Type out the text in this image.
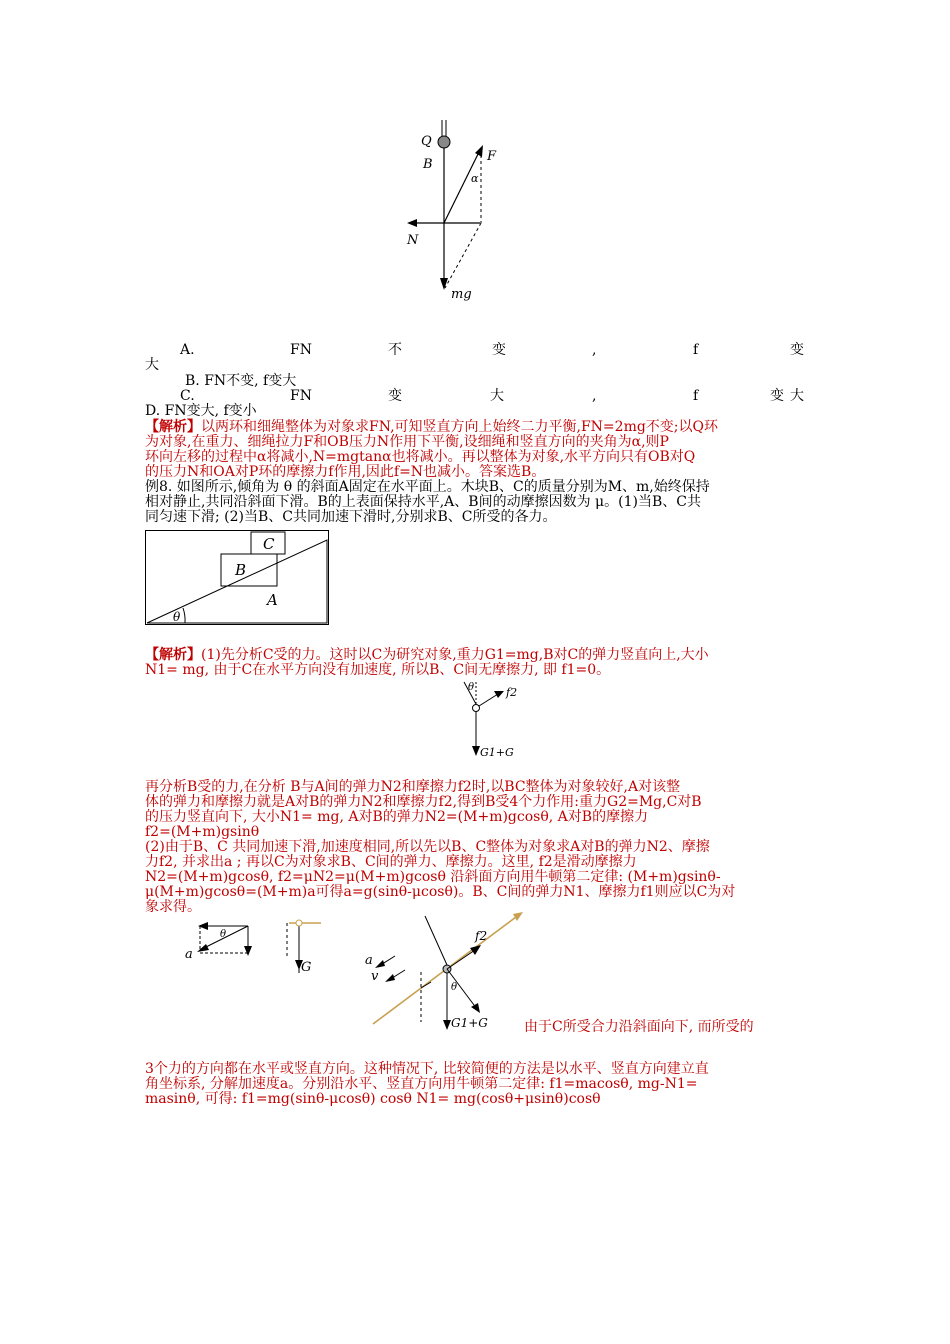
Q
B
F
α
N
mg
A.	FN	不	变	,	f	变
大
B. FN不变, f变大
C.	FN	变	大	,	f	变 大
D. FN变大, f变小
【解析】以两环和细绳整体为对象求FN,可知竖直方向上始终二力平衡,FN=2mg不变;以Q环
为对象,在重力、细绳拉力F和OB压力N作用下平衡,设细绳和竖直方向的夹角为α,则P
环向左移的过程中α将减小,N=mgtanα也将减小。再以整体为对象,水平方向只有OB对Q
的压力N和OA对P环的摩擦力f作用,因此f=N也减小。答案选B。
例8. 如图所示,倾角为 θ 的斜面A固定在水平面上。木块B、C的质量分别为M、m,始终保持
相对静止,共同沿斜面下滑。B的上表面保持水平,A、B间的动摩擦因数为 μ。(1)当B、C共
同匀速下滑; (2)当B、C共同加速下滑时,分别求B、C所受的各力。
C
B
A
θ
【解析】(1)先分析C受的力。这时以C为研究对象,重力G1=mg,B对C的弹力竖直向上,大小
N1= mg, 由于C在水平方向没有加速度, 所以B、C间无摩擦力, 即 f1=0。
θ	f2
G1+G
再分析B受的力,在分析 B与A间的弹力N2和摩擦力f2时,以BC整体为对象较好,A对该整
体的弹力和摩擦力就是A对B的弹力N2和摩擦力f2,得到B受4个力作用:重力G2=Mg,C对B
的压力竖直向下, 大小N1= mg, A对B的弹力N2=(M+m)gcosθ, A对B的摩擦力
f2=(M+m)gsinθ
(2)由于B、C 共同加速下滑,加速度相同,所以先以B、C整体为对象求A对B的弹力N2、摩擦
力f2, 并求出a ; 再以C为对象求B、C间的弹力、摩擦力。这里, f2是滑动摩擦力
N2=(M+m)gcosθ, f2=μN2=μ(M+m)gcosθ 沿斜面方向用牛顿第二定律: (M+m)gsinθ-
μ(M+m)gcosθ=(M+m)a可得a=g(sinθ-μcosθ)。B、C间的弹力N1、摩擦力f1则应以C为对
象求得。
θ
a
G	a
v
f2
θ
G1+G	由于C所受合力沿斜面向下, 而所受的
3个力的方向都在水平或竖直方向。这种情况下, 比较简便的方法是以水平、竖直方向建立直
角坐标系, 分解加速度a。分别沿水平、竖直方向用牛顿第二定律: f1=macosθ, mg-N1=
masinθ, 可得: f1=mg(sinθ-μcosθ) cosθ N1= mg(cosθ+μsinθ)cosθ
